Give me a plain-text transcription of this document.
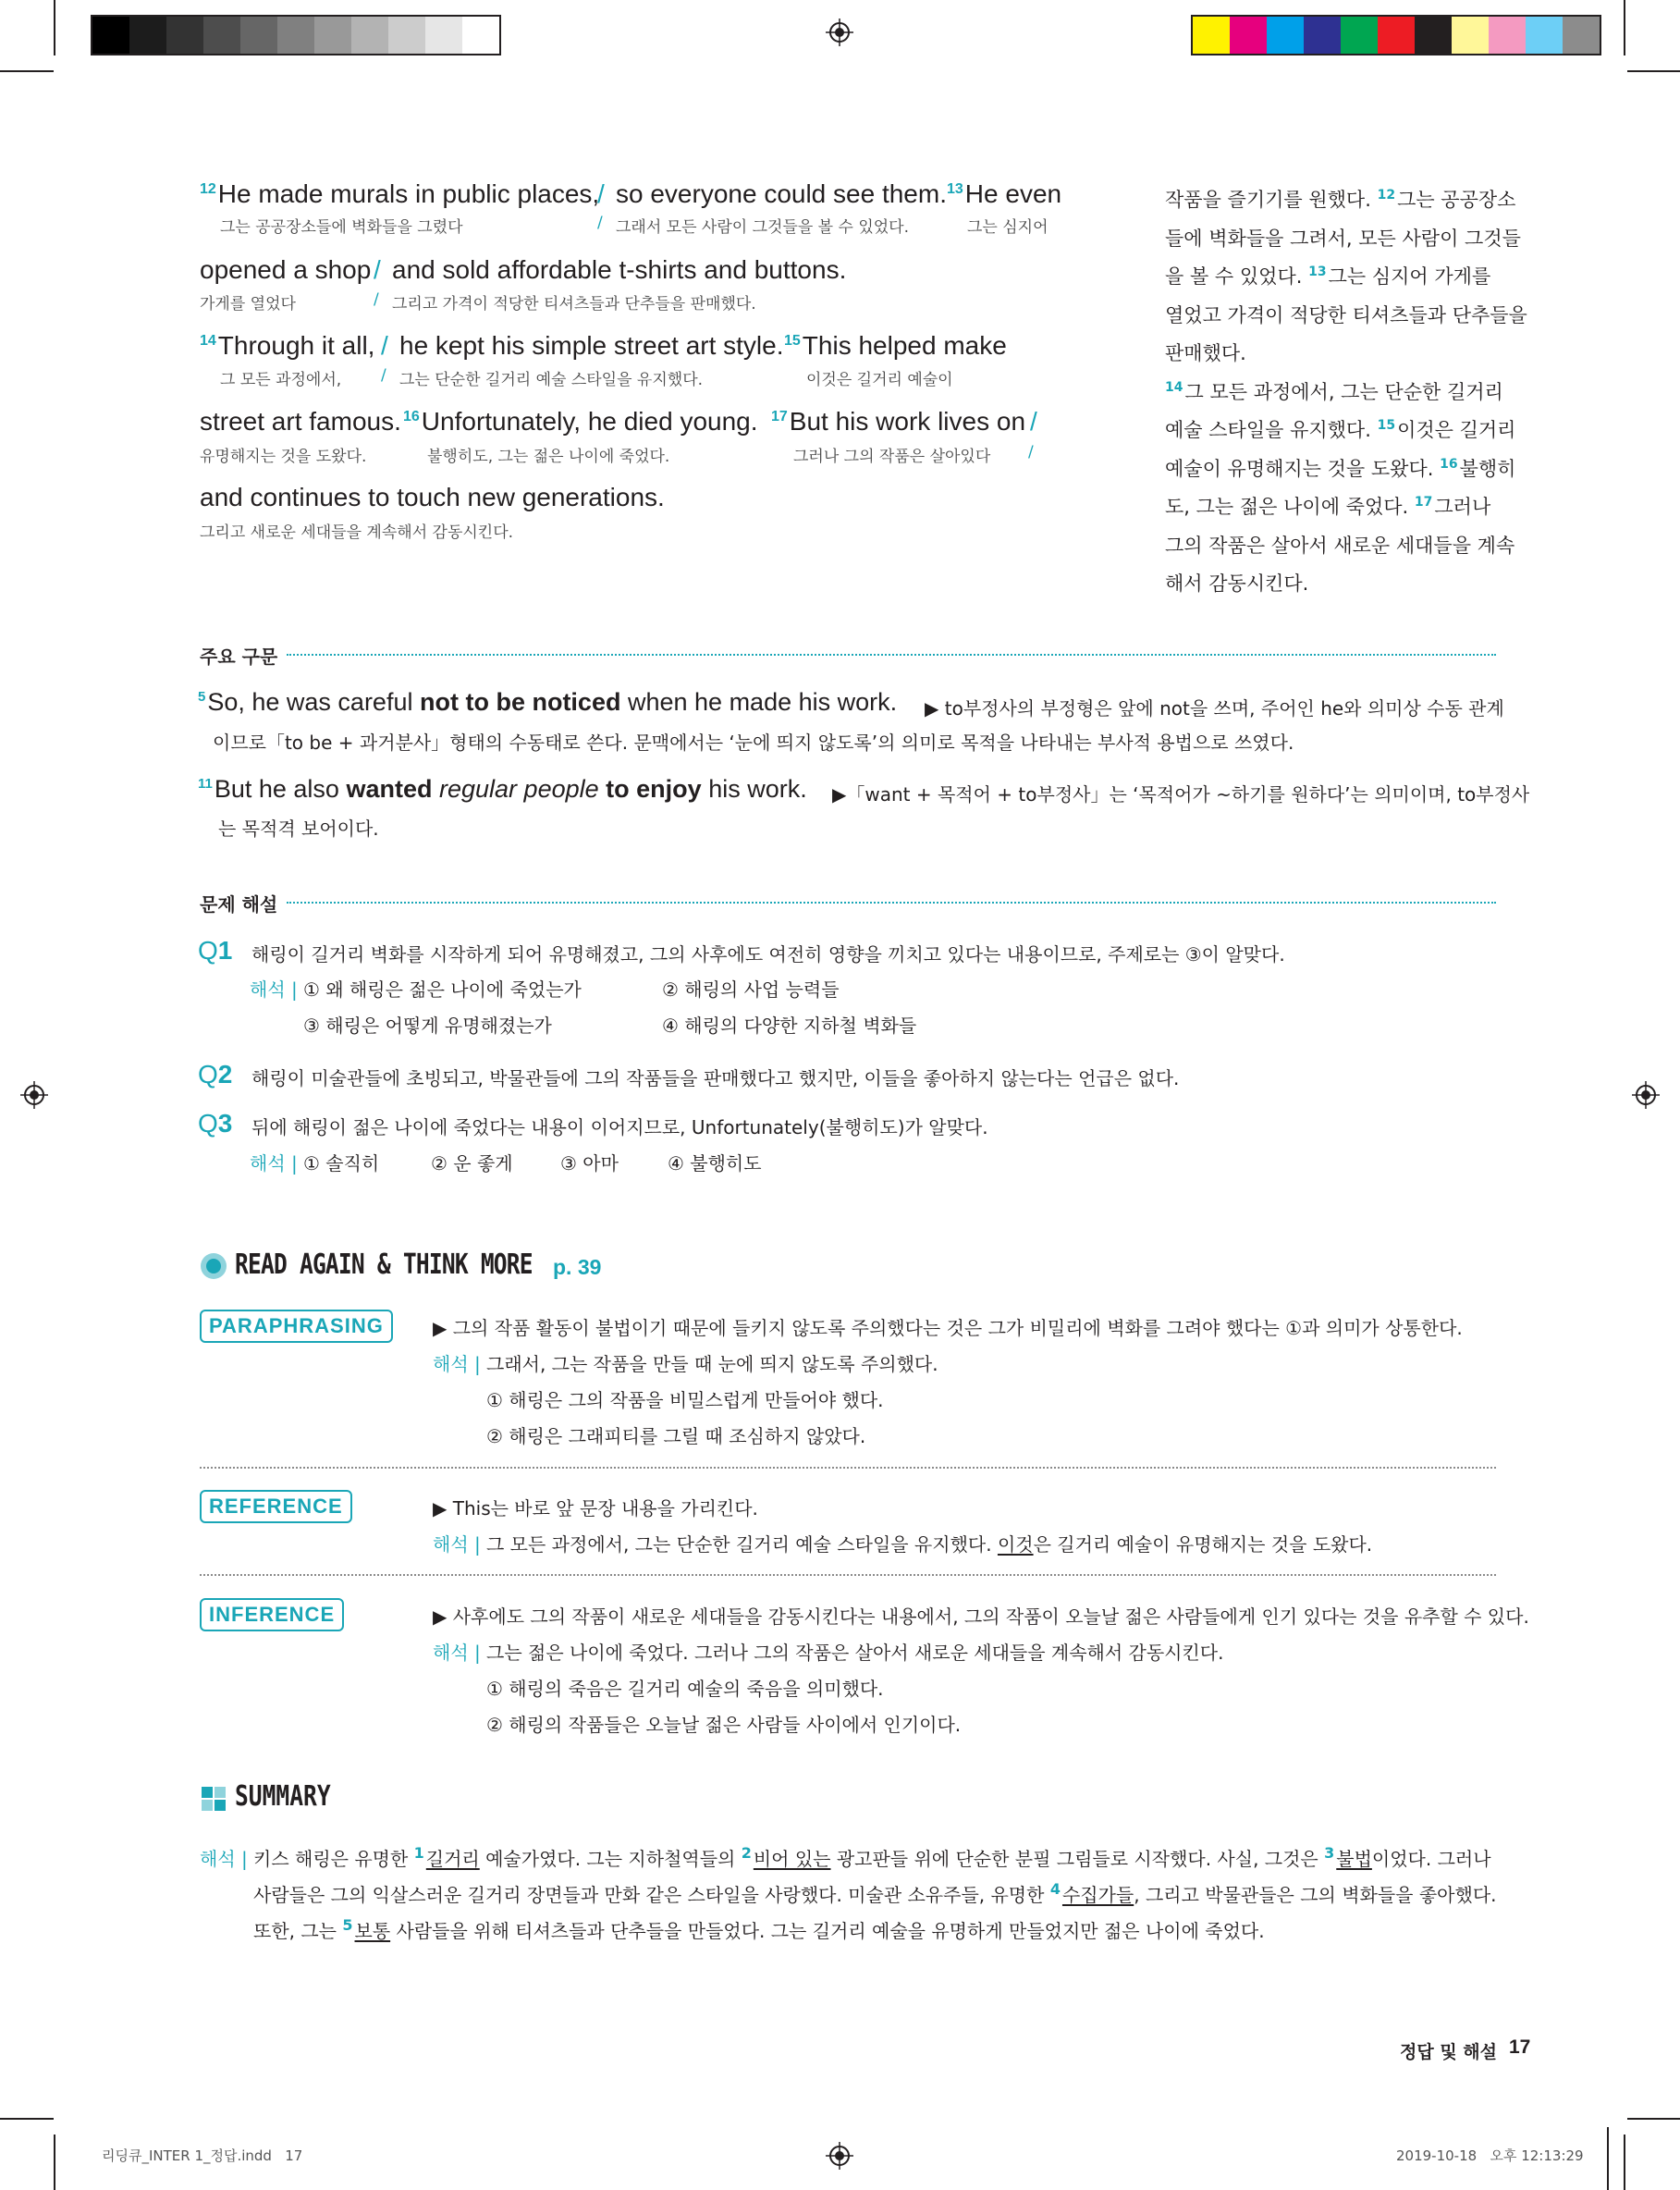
$^{12}$He made murals in public places,
/ so everyone could see them. $^{13}$He even
그는 공공장소들에 벽화들을 그렸다	/ 그래서 모든 사람이 그것들을 볼 수 있었다.	그는 심지어
opened a shop / and sold affordable t-shirts and buttons.
가게를 열었다	/ 그리고 가격이 적당한 티셔츠들과 단추들을 판매했다.
$^{14}$Through it all, / he kept his simple street art style. $^{15}$This helped make
그 모든 과정에서,	/ 그는 단순한 길거리 예술 스타일을 유지했다.	이것은 길거리 예술이
street art famous. $^{16}$Unfortunately, he died young. $^{17}$But his work lives on /
유명해지는 것을 도왔다.	불행히도, 그는 젊은 나이에 죽었다.	그러나 그의 작품은 살아있다 /
and continues to touch new generations.
그리고 새로운 세대들을 계속해서 감동시킨다.
작품을 즐기기를 원했다. $^{12}$그는 공공장소
들에 벽화들을 그려서, 모든 사람이 그것들
을 볼 수 있었다. $^{13}$그는 심지어 가게를
열었고 가격이 적당한 티셔츠들과 단추들을
판매했다.
$^{14}$그 모든 과정에서, 그는 단순한 길거리
예술 스타일을 유지했다. $^{15}$이것은 길거리
예술이 유명해지는 것을 도왔다. $^{16}$불행히
도, 그는 젊은 나이에 죽었다. $^{17}$그러나
그의 작품은 살아서 새로운 세대들을 계속
해서 감동시킨다.
주요 구문
$^5$So, he was careful not to be noticed when he made his work. ▶ to부정사의 부정형은 앞에 not을 쓰며, 주어인 he와 의미상 수동 관계
이므로「to be + 과거분사」형태의 수동태로 쓴다. 문맥에서는 ‘눈에 띄지 않도록’의 의미로 목적을 나타내는 부사적 용법으로 쓰였다.
$^{11}$But he also wanted regular people to enjoy his work. ▶「want + 목적어 + to부정사」는 ‘목적어가 ~하기를 원하다’는 의미이며, to부정사
는 목적격 보어이다.
문제 해설
Q1 해링이 길거리 벽화를 시작하게 되어 유명해졌고, 그의 사후에도 여전히 영향을 끼치고 있다는 내용이므로, 주제로는 ③이 알맞다.
해석 | ① 왜 해링은 젊은 나이에 죽었는가	② 해링의 사업 능력들
③ 해링은 어떻게 유명해졌는가	④ 해링의 다양한 지하철 벽화들
Q2 해링이 미술관들에 초빙되고, 박물관들에 그의 작품들을 판매했다고 했지만, 이들을 좋아하지 않는다는 언급은 없다.
Q3 뒤에 해링이 젊은 나이에 죽었다는 내용이 이어지므로, Unfortunately(불행히도)가 알맞다.
해석 | ① 솔직히	② 운 좋게	③ 아마	④ 불행히도
READ AGAIN & THINK MORE p. 39
PARAPHRASING	▶ 그의 작품 활동이 불법이기 때문에 들키지 않도록 주의했다는 것은 그가 비밀리에 벽화를 그려야 했다는 ①과 의미가 상통한다.
해석 | 그래서, 그는 작품을 만들 때 눈에 띄지 않도록 주의했다.
① 해링은 그의 작품을 비밀스럽게 만들어야 했다.
② 해링은 그래피티를 그릴 때 조심하지 않았다.
REFERENCE	▶ This는 바로 앞 문장 내용을 가리킨다.
해석 | 그 모든 과정에서, 그는 단순한 길거리 예술 스타일을 유지했다. 이것은 길거리 예술이 유명해지는 것을 도왔다.
INFERENCE	▶ 사후에도 그의 작품이 새로운 세대들을 감동시킨다는 내용에서, 그의 작품이 오늘날 젊은 사람들에게 인기 있다는 것을 유추할 수 있다.
해석 | 그는 젊은 나이에 죽었다. 그러나 그의 작품은 살아서 새로운 세대들을 계속해서 감동시킨다.
① 해링의 죽음은 길거리 예술의 죽음을 의미했다.
② 해링의 작품들은 오늘날 젊은 사람들 사이에서 인기이다.
SUMMARY
해석 | 키스 해링은 유명한 $^1$ 길거리 예술가였다. 그는 지하철역들의 $^2$ 비어 있는 광고판들 위에 단순한 분필 그림들로 시작했다. 사실, 그것은 $^3$ 불법이었다. 그러나
사람들은 그의 익살스러운 길거리 장면들과 만화 같은 스타일을 사랑했다. 미술관 소유주들, 유명한 $^4$ 수집가들, 그리고 박물관들은 그의 벽화들을 좋아했다.
또한, 그는 $^5$ 보통 사람들을 위해 티셔츠들과 단추들을 만들었다. 그는 길거리 예술을 유명하게 만들었지만 젊은 나이에 죽었다.
정답 및 해설 17
리딩큐_INTER 1_정답.indd   17	2019-10-18   오후 12:13:29
